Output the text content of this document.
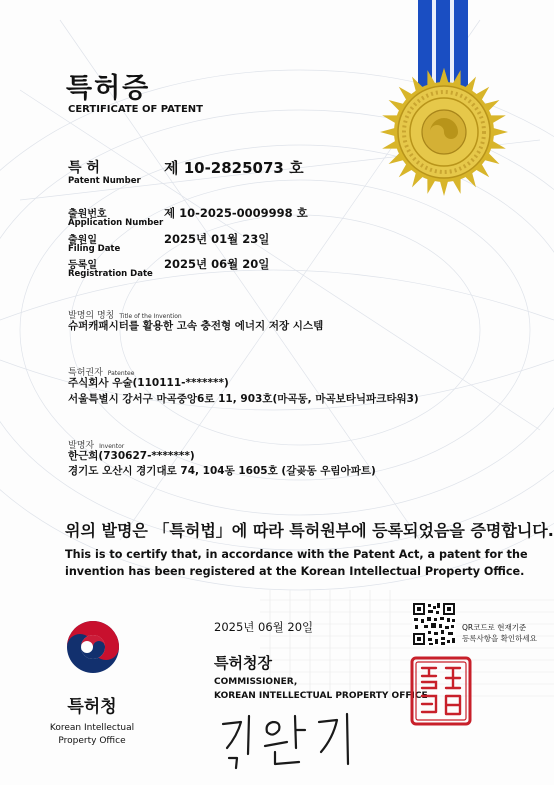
특허증
CERTIFICATE OF PATENT
특 허
Patent Number
제 10-2825073 호
출원번호
Application Number
제 10-2025-0009998 호
출원일
Filing Date
2025년 01월 23일
등록일
Registration Date
2025년 06월 20일
발명의 명칭 Title of the Invention
슈퍼캐패시터를 활용한 고속 충전형 에너지 저장 시스템
특허권자 Patentee
주식회사 우술(110111-*******)
서울특별시 강서구 마곡중앙6로 11, 903호(마곡동, 마곡보타닉파크타워3)
발명자 Inventor
한근희(730627-*******)
경기도 오산시 경기대로 74, 104동 1605호 (갈곶동 우림아파트)
위의 발명은 「특허법」에 따라 특허원부에 등록되었음을 증명합니다.
This is to certify that, in accordance with the Patent Act, a patent for the
invention has been registered at the Korean Intellectual Property Office.
특허청
Korean Intellectual
Property Office
2025년 06월 20일
특허청장
COMMISSIONER,
KOREAN INTELLECTUAL PROPERTY OFFICE
QR코드로 현재기준
등록사항을 확인하세요
